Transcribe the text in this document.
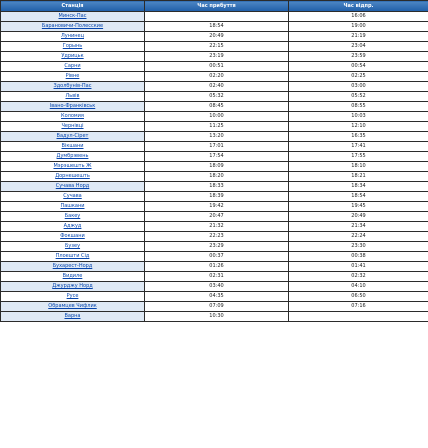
Станція	Час прибуття	Час відпр.
Минск-Пас		16:06
Барановичи-Полесские	18:54	19:00
Лунинец	20:49	21:19
Горынь	22:15	23:04
Удрицьк	23:19	23:59
Сарни	00:51	00:54
Рівне	02:20	02:25
Здолбунів-Пас	02:40	03:00
Львів	05:32	05:52
Івано-Франківськ	08:45	08:55
Коломия	10:00	10:03
Чернівці	11:25	12:10
Вадул-Сірет	13:20	16:35
Вікшани	17:01	17:41
Думбрэвень	17:54	17:55
Мэрэшешть Ж	18:09	18:10
Дорнешешть	18:20	18:21
Сучава Норд	18:33	18:34
Сучава	18:39	18:54
Пашкани	19:42	19:45
Бакеу	20:47	20:49
Аджуд	21:32	21:34
Фокшани	22:23	22:24
Бузеу	23:29	23:30
Плоешти Сід	00:37	00:38
Бухарест-Норд	01:26	01:41
Видиле	02:31	02:32
Джурджу Норд	03:40	04:10
Русе	04:35	06:50
Обрамцев Чифлик	07:09	07:16
Варна	10:30	
